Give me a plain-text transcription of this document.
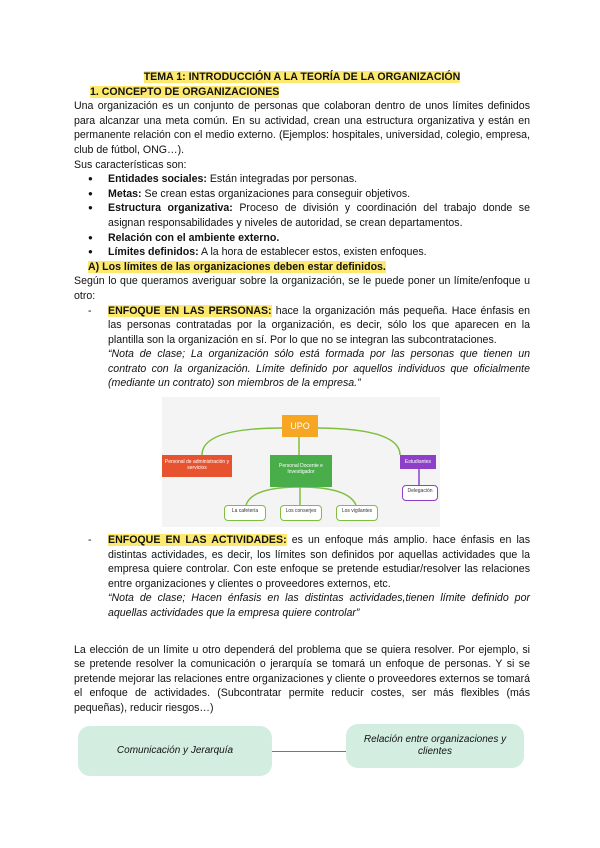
TEMA 1: INTRODUCCIÓN A LA TEORÍA DE LA ORGANIZACIÓN

1. CONCEPTO DE ORGANIZACIONES

Una organización es un conjunto de personas que colaboran dentro de unos límites definidos para alcanzar una meta común. En su actividad, crean una estructura organizativa y están en permanente relación con el medio externo. (Ejemplos: hospitales, universidad, colegio, empresa, club de fútbol, ONG…).

Sus características son:

● Entidades sociales: Están integradas por personas.
● Metas: Se crean estas organizaciones para conseguir objetivos.
● Estructura organizativa: Proceso de división y coordinación del trabajo donde se asignan responsabilidades y niveles de autoridad, se crean departamentos.
● Relación con el ambiente externo.
● Límites definidos: A la hora de establecer estos, existen enfoques.

A) Los límites de las organizaciones deben estar definidos.

Según lo que queramos averiguar sobre la organización, se le puede poner un límite/enfoque u otro:

- ENFOQUE EN LAS PERSONAS: hace la organización más pequeña. Hace énfasis en las personas contratadas por la organización, es decir, sólo los que aparecen en la plantilla son la organización en sí. Por lo que no se integran las subcontrataciones.
“Nota de clase; La organización sólo está formada por las personas que tienen un contrato con la organización. Límite definido por aquellos individuos que oficialmente (mediante un contrato) son miembros de la empresa.”
UPO
Personal de administración y servicios	Personal Docente e Investigador
Estudiantes
Delegación
La cafetería	Los conserjes	Los vigilantes
- ENFOQUE EN LAS ACTIVIDADES: es un enfoque más amplio. hace énfasis en las distintas actividades, es decir, los límites son definidos por aquellas actividades que la empresa quiere controlar. Con este enfoque se pretende estudiar/resolver las relaciones entre organizaciones y clientes o proveedores externos, etc.
“Nota de clase; Hacen énfasis en las distintas actividades,tienen límite definido por aquellas actividades que la empresa quiere controlar”

La elección de un límite u otro dependerá del problema que se quiera resolver. Por ejemplo, si se pretende resolver la comunicación o jerarquía se tomará un enfoque de personas. Y si se pretende mejorar las relaciones entre organizaciones y cliente o proveedores externos se tomará el enfoque de actividades. (Subcontratar permite reducir costes, ser más flexibles (más pequeñas), reducir riesgos…)

Comunicación y Jerarquía
Relación entre organizaciones y clientes
